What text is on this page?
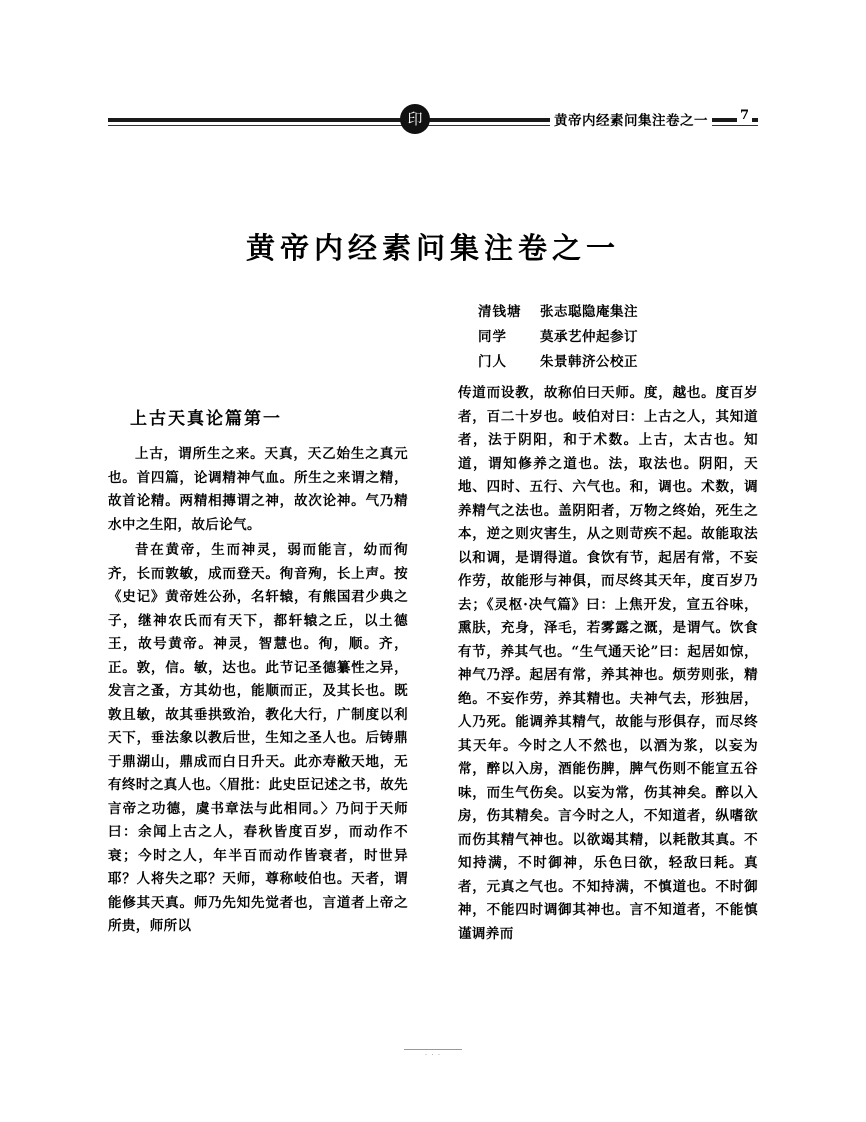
印	黄帝内经素问集注卷之一	7
黄帝内经素问集注卷之一
清钱塘	张志聪隐庵集注
同学	莫承艺仲起参订
门人	朱景韩济公校正
上古天真论篇第一

上古，谓所生之来。天真，天乙始生之真元也。首四篇，论调精神气血。所生之来谓之精，故首论精。两精相摶谓之神，故次论神。气乃精水中之生阳，故后论气。

昔在黄帝，生而神灵，弱而能言，幼而徇齐，长而敦敏，成而登天。徇音殉，长上声。按《史记》黄帝姓公孙，名轩辕，有熊国君少典之子，继神农氏而有天下，都轩辕之丘，以土德王，故号黄帝。神灵，智慧也。徇，顺。齐，正。敦，信。敏，达也。此节记圣德纂性之异，发言之蚤，方其幼也，能顺而正，及其长也。既敦且敏，故其垂拱致治，教化大行，广制度以利天下，垂法象以教后世，生知之圣人也。后铸鼎于鼎湖山，鼎成而白日升天。此亦寿敝天地，无有终时之真人也。〈眉批：此史臣记述之书，故先言帝之功德，虞书章法与此相同。〉乃问于天师曰：余闻上古之人，春秋皆度百岁，而动作不衰；今时之人，年半百而动作皆衰者，时世异耶？人将失之耶？天师，尊称岐伯也。天者，谓能修其天真。师乃先知先觉者也，言道者上帝之所贵，师所以

传道而设教，故称伯曰天师。度，越也。度百岁者，百二十岁也。岐伯对曰：上古之人，其知道者，法于阴阳，和于术数。上古，太古也。知道，谓知修养之道也。法，取法也。阴阳，天地、四时、五行、六气也。和，调也。术数，调养精气之法也。盖阴阳者，万物之终始，死生之本，逆之则灾害生，从之则苛疾不起。故能取法以和调，是谓得道。食饮有节，起居有常，不妄作劳，故能形与神俱，而尽终其天年，度百岁乃去；《灵枢·决气篇》曰：上焦开发，宣五谷味，熏肤，充身，泽毛，若雾露之溉，是谓气。饮食有节，养其气也。“生气通天论”曰：起居如惊，神气乃浮。起居有常，养其神也。烦劳则张，精绝。不妄作劳，养其精也。夫神气去，形独居，人乃死。能调养其精气，故能与形俱存，而尽终其天年。今时之人不然也，以酒为浆，以妄为常，醉以入房，酒能伤脾，脾气伤则不能宣五谷味，而生气伤矣。以妄为常，伤其神矣。醉以入房，伤其精矣。言今时之人，不知道者，纵嗜欲而伤其精气神也。以欲竭其精，以耗散其真。不知持满，不时御神，乐色曰欲，轻敌曰耗。真者，元真之气也。不知持满，不慎道也。不时御神，不能四时调御其神也。言不知道者，不能慎谨调养而

· · ·
